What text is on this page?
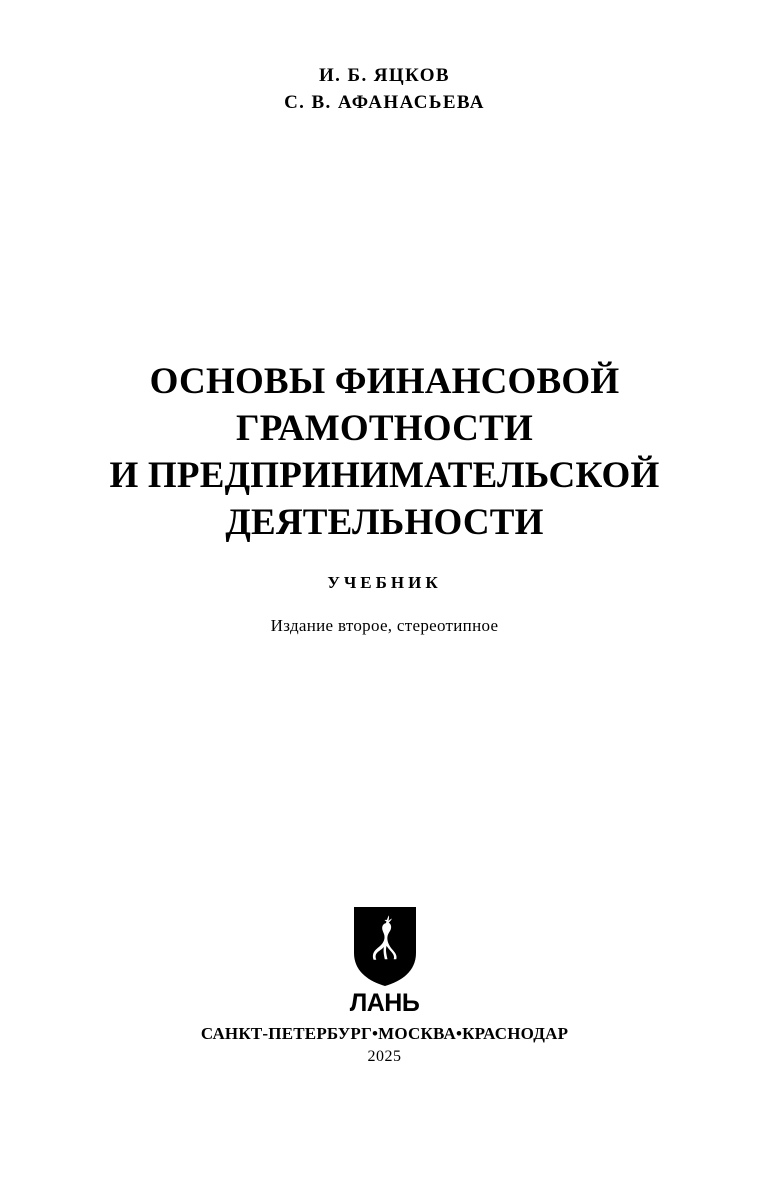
И. Б. ЯЦКОВ
С. В. АФАНАСЬЕВА
ОСНОВЫ ФИНАНСОВОЙ
ГРАМОТНОСТИ
И ПРЕДПРИНИМАТЕЛЬСКОЙ
ДЕЯТЕЛЬНОСТИ
УЧЕБНИК
Издание второе, стереотипное
ЛАНЬ
САНКТ-ПЕТЕРБУРГ•МОСКВА•КРАСНОДАР
2025
